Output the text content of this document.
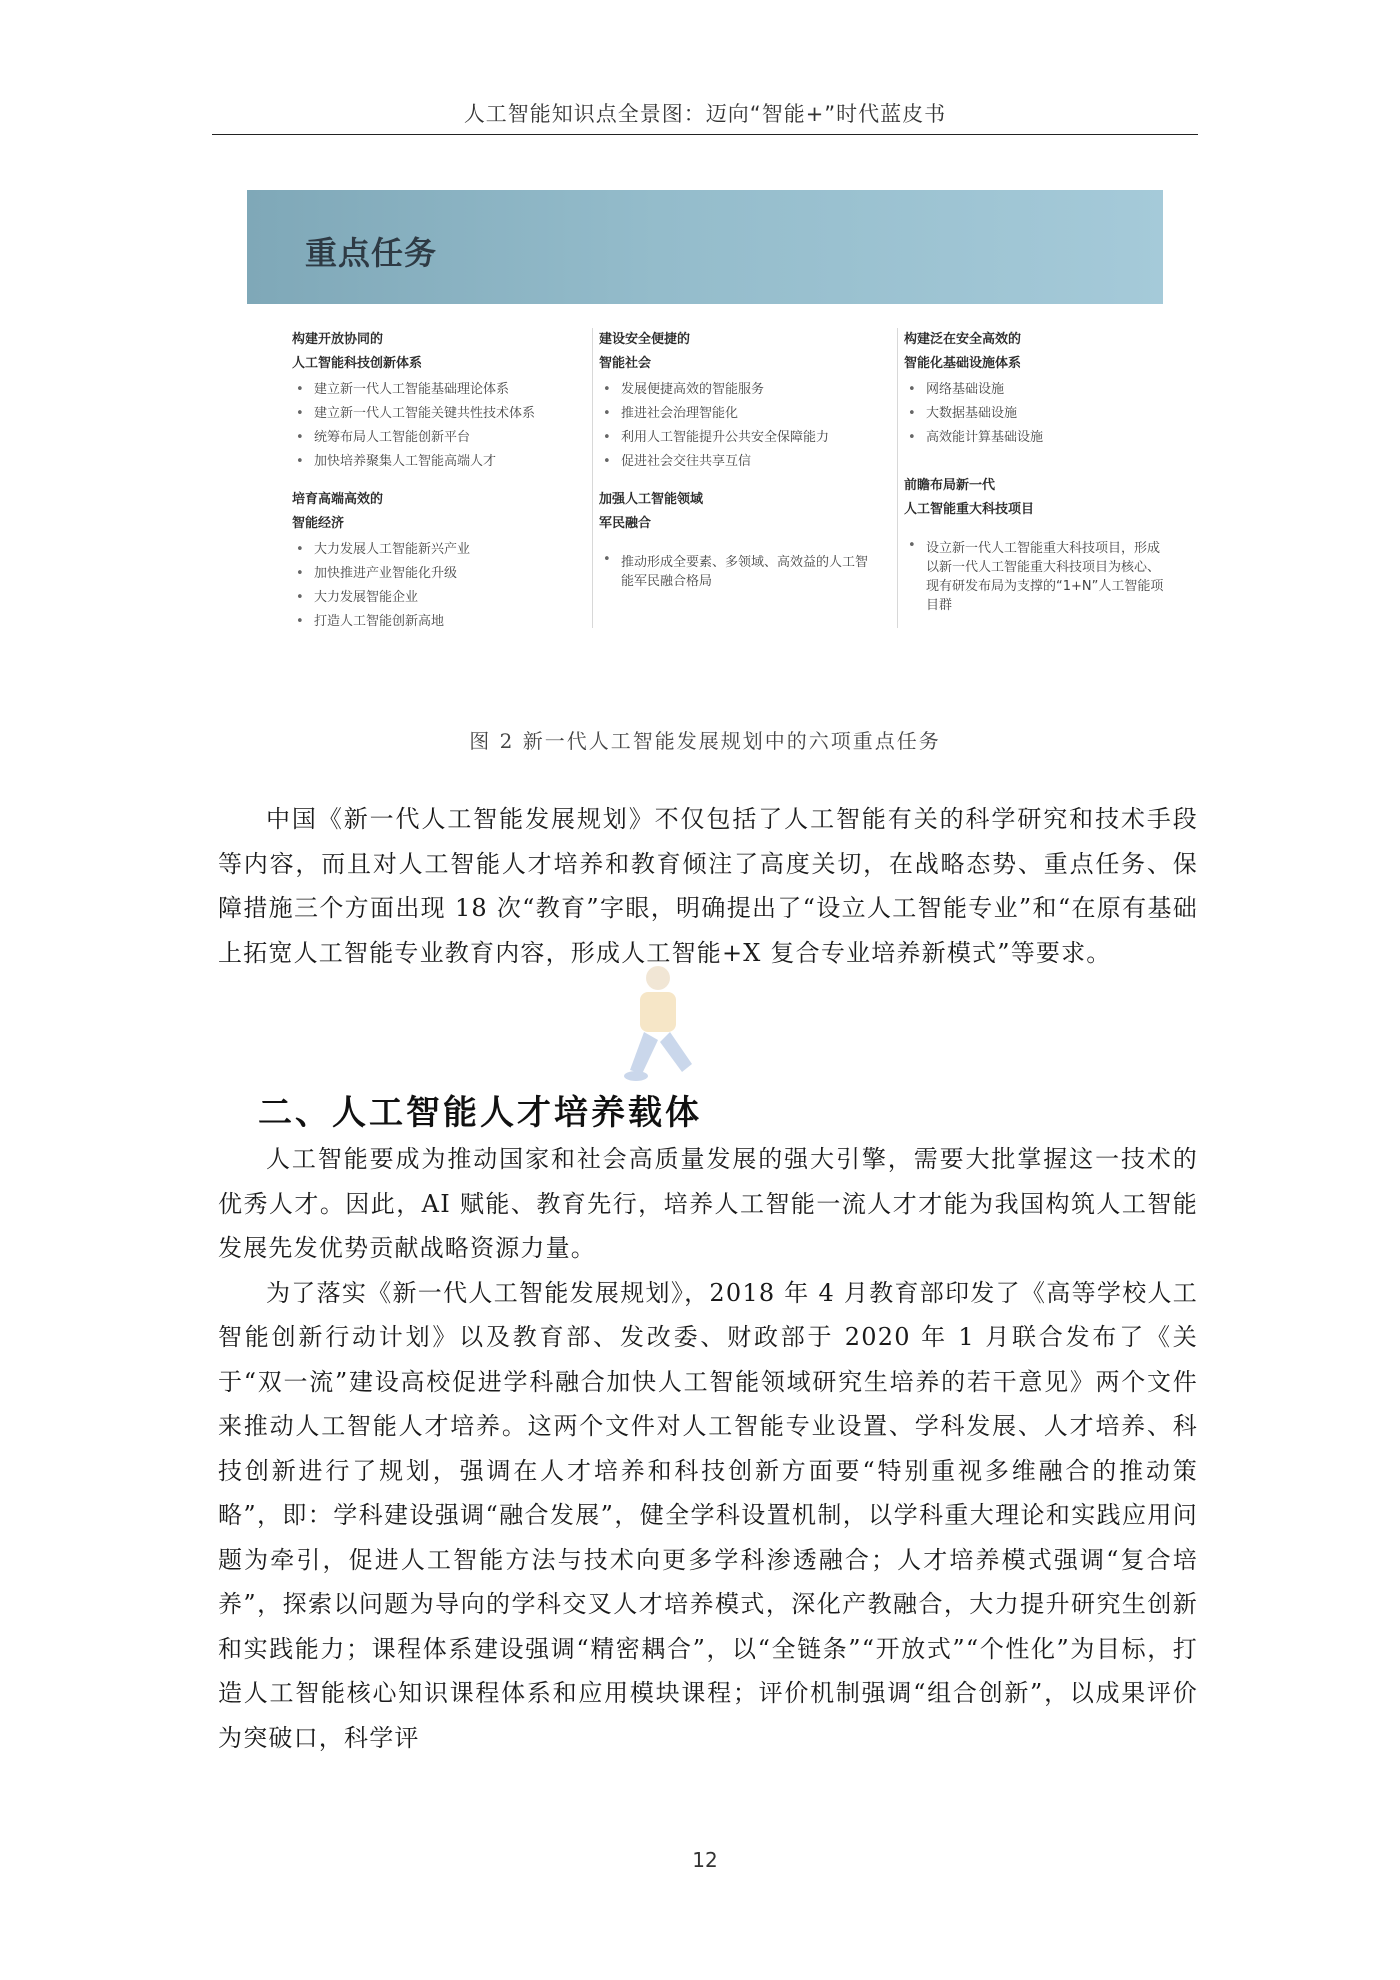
人工智能知识点全景图：迈向“智能+”时代蓝皮书
重点任务
构建开放协同的
人工智能科技创新体系
• 建立新一代人工智能基础理论体系
• 建立新一代人工智能关键共性技术体系
• 统筹布局人工智能创新平台
• 加快培养聚集人工智能高端人才
培育高端高效的
智能经济
• 大力发展人工智能新兴产业
• 加快推进产业智能化升级
• 大力发展智能企业
• 打造人工智能创新高地
建设安全便捷的
智能社会
• 发展便捷高效的智能服务
• 推进社会治理智能化
• 利用人工智能提升公共安全保障能力
• 促进社会交往共享互信
加强人工智能领域
军民融合
• 推动形成全要素、多领域、高效益的人工智能军民融合格局
构建泛在安全高效的
智能化基础设施体系
• 网络基础设施
• 大数据基础设施
• 高效能计算基础设施
前瞻布局新一代
人工智能重大科技项目
• 设立新一代人工智能重大科技项目，形成以新一代人工智能重大科技项目为核心、现有研发布局为支撑的“1+N”人工智能项目群
图 2 新一代人工智能发展规划中的六项重点任务

中国《新一代人工智能发展规划》不仅包括了人工智能有关的科学研究和技术手段等内容，而且对人工智能人才培养和教育倾注了高度关切，在战略态势、重点任务、保障措施三个方面出现 18 次“教育”字眼，明确提出了“设立人工智能专业”和“在原有基础上拓宽人工智能专业教育内容，形成人工智能+X 复合专业培养新模式”等要求。

二、人工智能人才培养载体

人工智能要成为推动国家和社会高质量发展的强大引擎，需要大批掌握这一技术的优秀人才。因此，AI 赋能、教育先行，培养人工智能一流人才才能为我国构筑人工智能发展先发优势贡献战略资源力量。

为了落实《新一代人工智能发展规划》，2018 年 4 月教育部印发了《高等学校人工智能创新行动计划》以及教育部、发改委、财政部于 2020 年 1 月联合发布了《关于“双一流”建设高校促进学科融合加快人工智能领域研究生培养的若干意见》两个文件来推动人工智能人才培养。这两个文件对人工智能专业设置、学科发展、人才培养、科技创新进行了规划，强调在人才培养和科技创新方面要“特别重视多维融合的推动策略”，即：学科建设强调“融合发展”，健全学科设置机制，以学科重大理论和实践应用问题为牵引，促进人工智能方法与技术向更多学科渗透融合；人才培养模式强调“复合培养”，探索以问题为导向的学科交叉人才培养模式，深化产教融合，大力提升研究生创新和实践能力；课程体系建设强调“精密耦合”，以“全链条”“开放式”“个性化”为目标，打造人工智能核心知识课程体系和应用模块课程；评价机制强调“组合创新”，以成果评价为突破口，科学评

12
